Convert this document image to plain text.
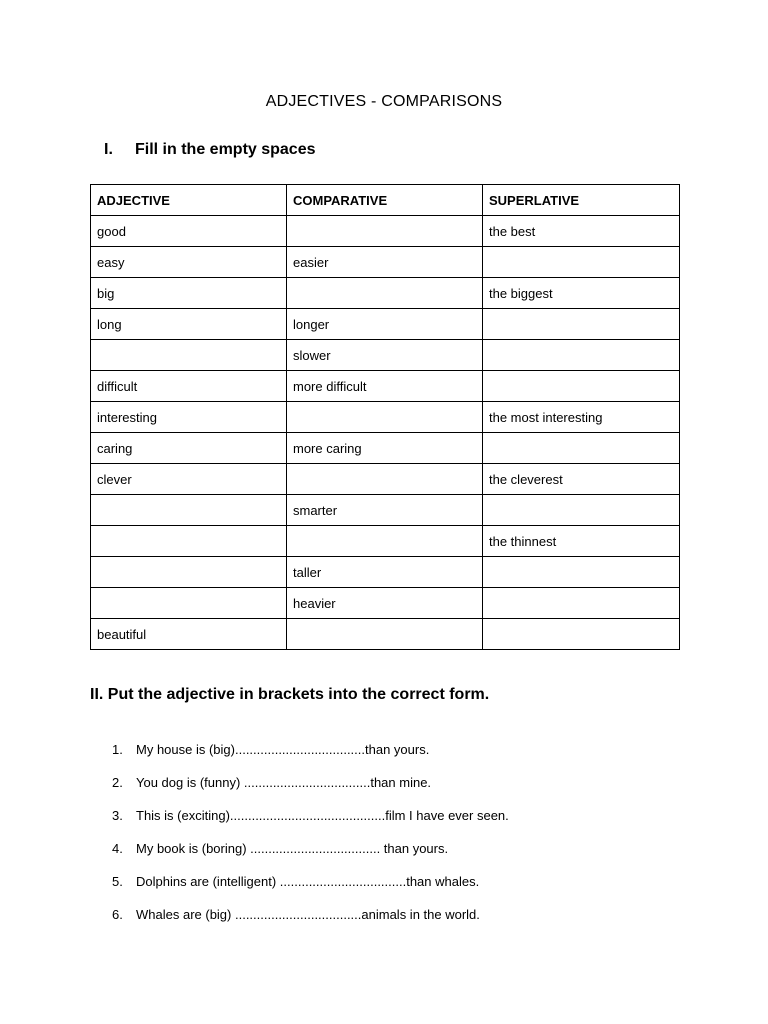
ADJECTIVES - COMPARISONS
I. Fill in the empty spaces
ADJECTIVE	COMPARATIVE	SUPERLATIVE
good		the best
easy	easier	
big		the biggest
long	longer	
	slower	
difficult	more difficult	
interesting		the most interesting
caring	more caring	
clever		the cleverest
	smarter	
		the thinnest
	taller	
	heavier	
beautiful		
II. Put the adjective in brackets into the correct form.
1. My house is (big)....................................than yours.
2. You dog is (funny) ...................................than mine.
3. This is (exciting)...........................................film I have ever seen.
4. My book is (boring) .................................... than yours.
5. Dolphins are (intelligent) ...................................than whales.
6. Whales are (big) ...................................animals in the world.
